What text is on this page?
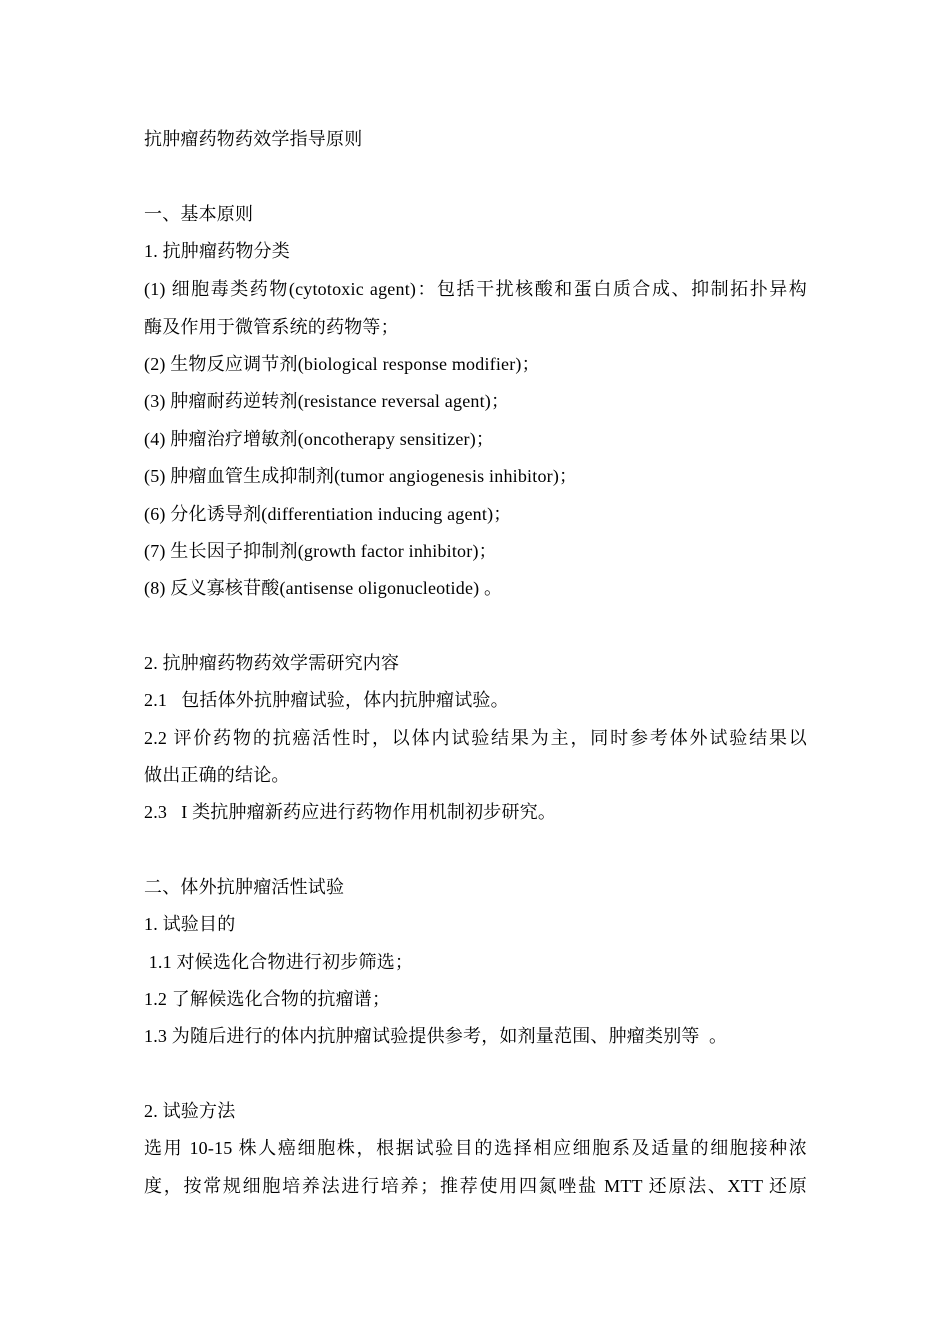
抗肿瘤药物药效学指导原则
一、基本原则
1. 抗肿瘤药物分类
(1) 细胞毒类药物(cytotoxic agent)：包括干扰核酸和蛋白质合成、抑制拓扑异构
酶及作用于微管系统的药物等；
(2) 生物反应调节剂(biological response modifier)；
(3) 肿瘤耐药逆转剂(resistance reversal agent)；
(4) 肿瘤治疗增敏剂(oncotherapy sensitizer)；
(5) 肿瘤血管生成抑制剂(tumor angiogenesis inhibitor)；
(6) 分化诱导剂(differentiation inducing agent)；
(7) 生长因子抑制剂(growth factor inhibitor)；
(8) 反义寡核苷酸(antisense oligonucleotide) 。
2. 抗肿瘤药物药效学需研究内容
2.1   包括体外抗肿瘤试验，体内抗肿瘤试验。
2.2 评价药物的抗癌活性时，以体内试验结果为主，同时参考体外试验结果以
做出正确的结论。
2.3   I 类抗肿瘤新药应进行药物作用机制初步研究。
二、体外抗肿瘤活性试验
1. 试验目的
1.1 对候选化合物进行初步筛选；
1.2 了解候选化合物的抗瘤谱；
1.3 为随后进行的体内抗肿瘤试验提供参考，如剂量范围、肿瘤类别等  。
2. 试验方法
选用 10-15 株人癌细胞株，根据试验目的选择相应细胞系及适量的细胞接种浓
度，按常规细胞培养法进行培养；推荐使用四氮唑盐 MTT 还原法、XTT 还原
